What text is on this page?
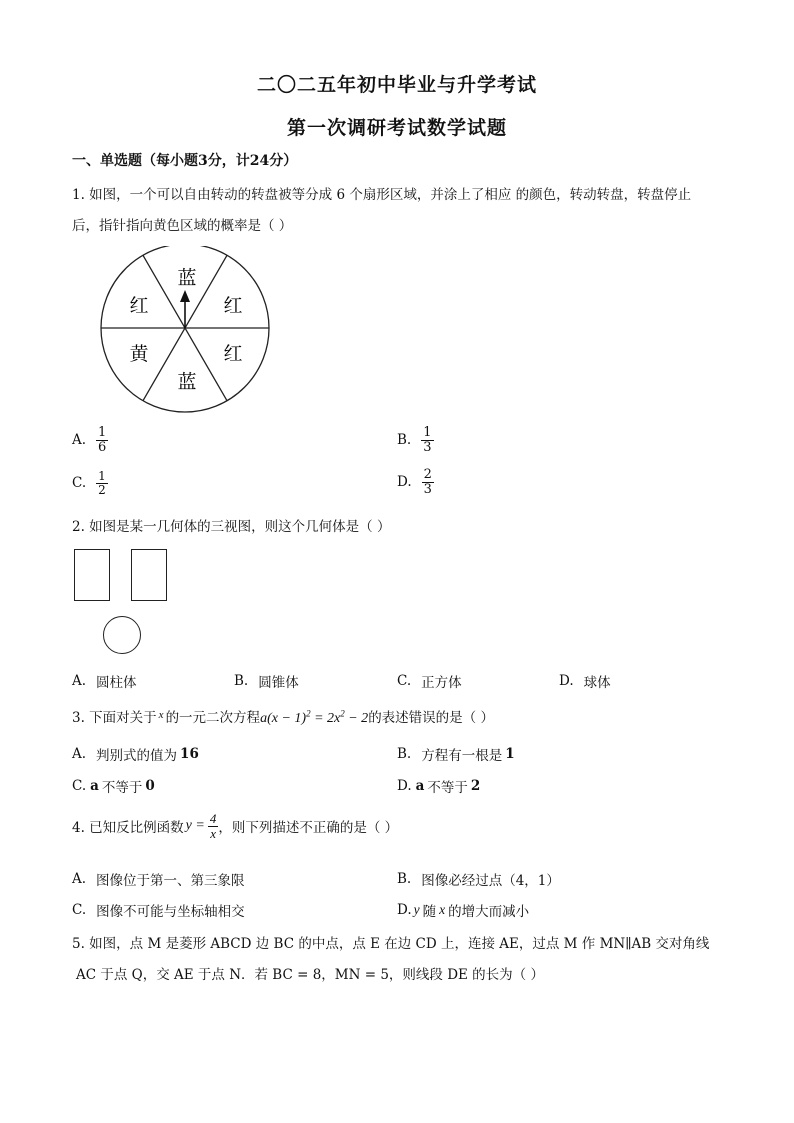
二〇二五年初中毕业与升学考试
第一次调研考试数学试题
一、单选题（每小题3分，计24分）
1. 如图，一个可以自由转动的转盘被等分成 6 个扇形区域，并涂上了相应 的颜色，转动转盘，转盘停止
后，指针指向黄色区域的概率是（ ）
蓝
红
红
蓝
黄
红
A. $\frac{1}{6}$	B. $\frac{1}{3}$
C. $\frac{1}{2}$	D. $\frac{2}{3}$
2. 如图是某一几何体的三视图，则这个几何体是（ ）
A. 圆柱体	B. 圆锥体	C. 正方体	D. 球体
3. 下面对关于 $^x$ 的一元二次方程$a(x - 1)^2 = 2x^2 - 2$的表述错误的是（ ）
A. 判别式的值为 16	B. 方程有一根是 1
C. a 不等于 0	D. a 不等于 2
4. 已知反比例函数 $y = \frac{4}{x}$ ，则下列描述不正确的是（ ）
A. 图像位于第一、第三象限	B. 图像必经过点（4，1）
C. 图像不可能与坐标轴相交	D. y 随 x 的增大而减小
5. 如图，点 M 是菱形 ABCD 边 BC 的中点，点 E 在边 CD 上，连接 AE，过点 M 作 MN∥AB 交对角线
AC 于点 Q，交 AE 于点 N．若 BC = 8，MN = 5，则线段 DE 的长为（ ）
